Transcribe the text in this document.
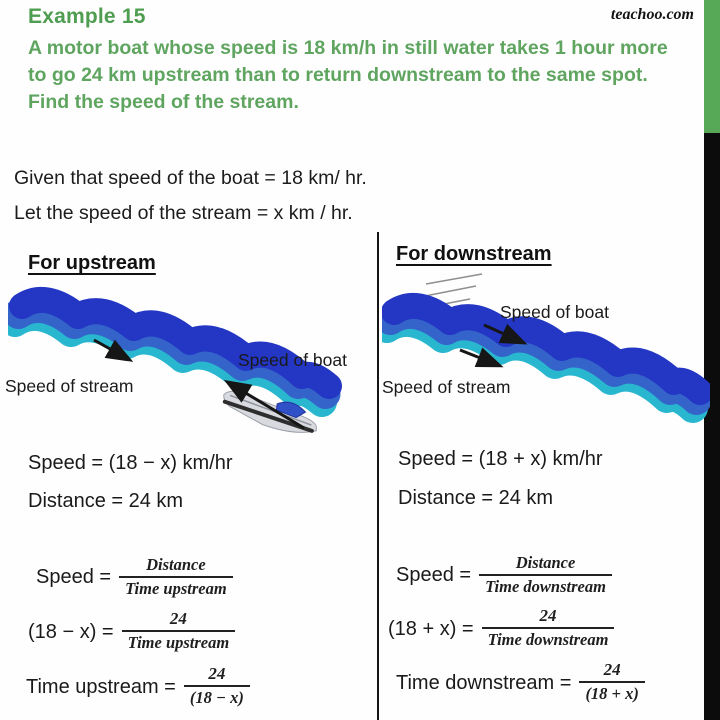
Example 15	teachoo.com
A motor boat whose speed is 18 km/h in still water takes 1 hour more
to go 24 km upstream than to return downstream to the same spot.
Find the speed of the stream.
Given that speed of the boat = 18 km/ hr.
Let the speed of the stream = x km / hr.
For upstream
Speed of boat
Speed of stream
Speed = (18 − x) km/hr
Distance = 24 km
Speed = $\frac{\text{Distance}}{\text{Time upstream}}$
$(18 - x) = \frac{24}{\text{Time upstream}}$
Time upstream = $\frac{24}{(18 - x)}$
For downstream
Speed of boat
Speed of stream
Speed = (18 + x) km/hr
Distance = 24 km
Speed = $\frac{\text{Distance}}{\text{Time downstream}}$
$(18 + x) = \frac{24}{\text{Time downstream}}$
Time downstream = $\frac{24}{(18 + x)}$
